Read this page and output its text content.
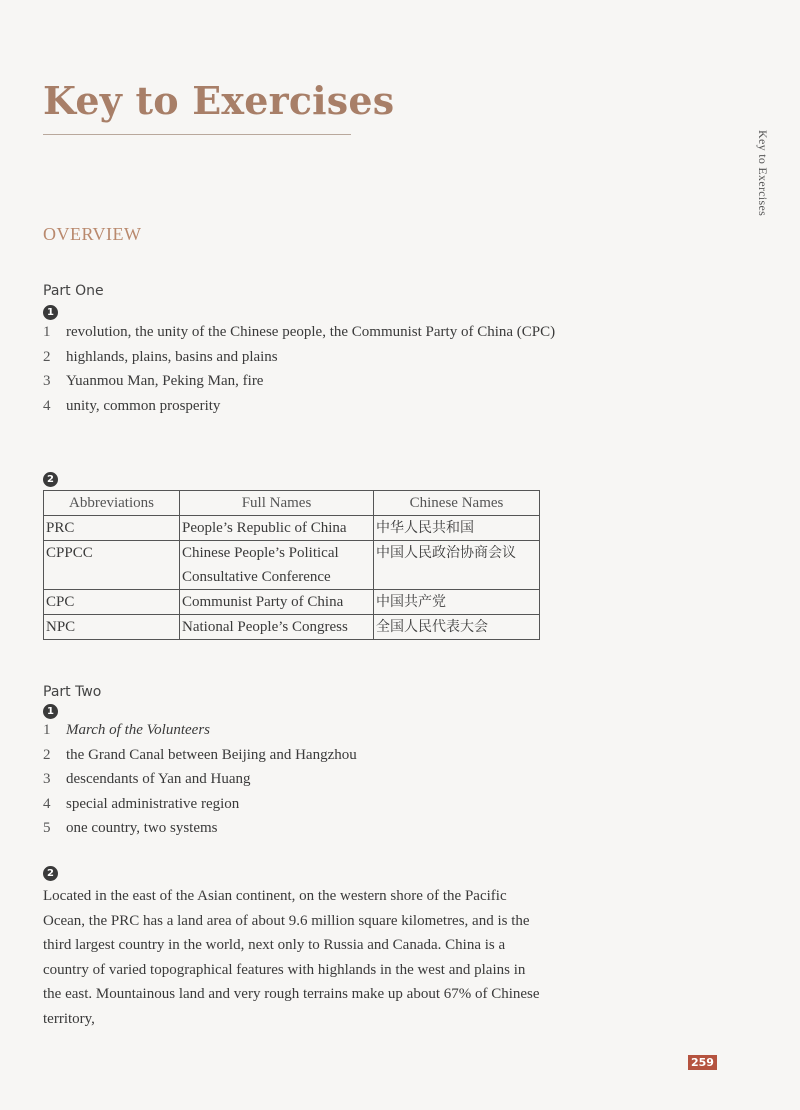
Key to Exercises
Key to Exercises
OVERVIEW
Part One
1
1 revolution, the unity of the Chinese people, the Communist Party of China (CPC)
2 highlands, plains, basins and plains
3 Yuanmou Man, Peking Man, fire
4 unity, common prosperity
2
Abbreviations	Full Names	Chinese Names
PRC	People’s Republic of China	中华人民共和国
CPPCC	Chinese People’s Political Consultative Conference	中国人民政治协商会议
CPC	Communist Party of China	中国共产党
NPC	National People’s Congress	全国人民代表大会
Part Two
1
1 March of the Volunteers
2 the Grand Canal between Beijing and Hangzhou
3 descendants of Yan and Huang
4 special administrative region
5 one country, two systems
2

Located in the east of the Asian continent, on the western shore of the Pacific Ocean, the PRC has a land area of about 9.6 million square kilometres, and is the third largest country in the world, next only to Russia and Canada. China is a country of varied topographical features with highlands in the west and plains in the east. Mountainous land and very rough terrains make up about 67% of Chinese territory,

259
